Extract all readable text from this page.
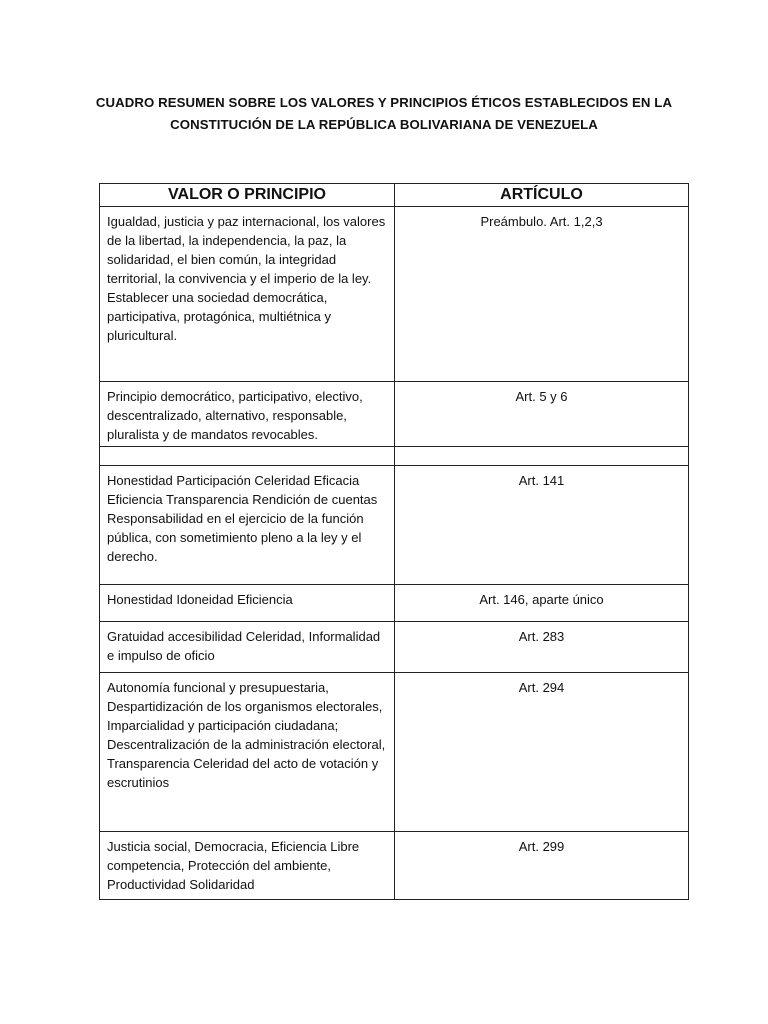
CUADRO RESUMEN SOBRE LOS VALORES Y PRINCIPIOS ÉTICOS ESTABLECIDOS EN LA
CONSTITUCIÓN DE LA REPÚBLICA BOLIVARIANA DE VENEZUELA
VALOR O PRINCIPIO	ARTÍCULO
Igualdad, justicia y paz internacional, los valores de la libertad, la independencia, la paz, la solidaridad, el bien común, la integridad territorial, la convivencia y el imperio de la ley. Establecer una sociedad democrática, participativa, protagónica, multiétnica y pluricultural.	Preámbulo. Art. 1,2,3
Principio democrático, participativo, electivo, descentralizado, alternativo, responsable, pluralista y de mandatos revocables.	Art. 5 y 6

Honestidad Participación Celeridad Eficacia Eficiencia Transparencia Rendición de cuentas Responsabilidad en el ejercicio de la función pública, con sometimiento pleno a la ley y el derecho.	Art. 141
Honestidad Idoneidad Eficiencia	Art. 146, aparte único
Gratuidad accesibilidad Celeridad, Informalidad e impulso de oficio	Art. 283
Autonomía funcional y presupuestaria, Despartidización de los organismos electorales, Imparcialidad y participación ciudadana; Descentralización de la administración electoral, Transparencia Celeridad del acto de votación y escrutinios	Art. 294
Justicia social, Democracia, Eficiencia Libre competencia, Protección del ambiente, Productividad Solidaridad	Art. 299
